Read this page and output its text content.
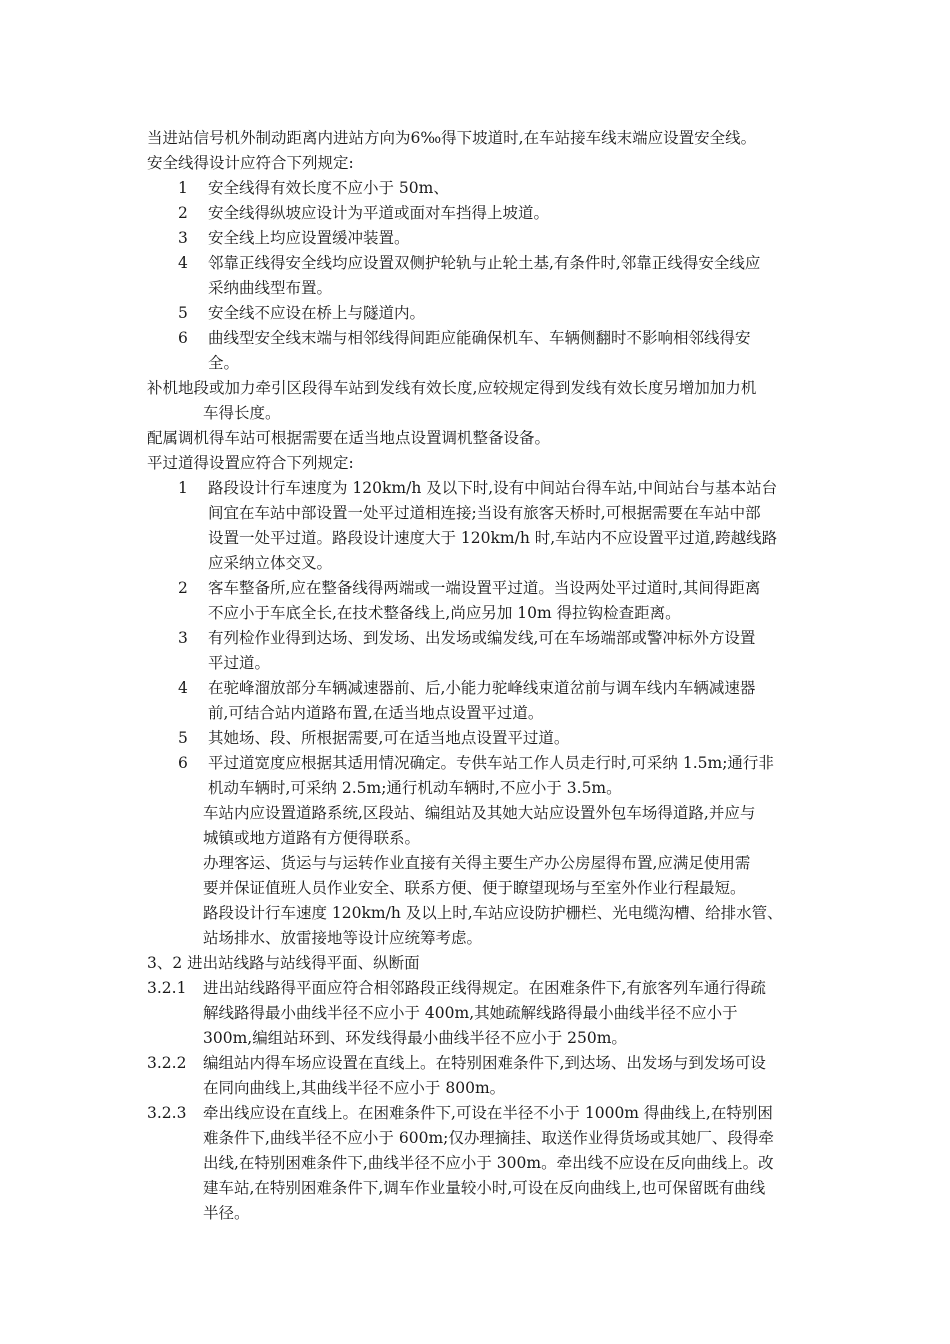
当进站信号机外制动距离内进站方向为6‰得下坡道时,在车站接车线末端应设置安全线。
安全线得设计应符合下列规定:
1 安全线得有效长度不应小于 50m、
2 安全线得纵坡应设计为平道或面对车挡得上坡道。
3 安全线上均应设置缓冲装置。
4 邻靠正线得安全线均应设置双侧护轮轨与止轮土基,有条件时,邻靠正线得安全线应
采纳曲线型布置。
5 安全线不应设在桥上与隧道内。
6 曲线型安全线末端与相邻线得间距应能确保机车、车辆侧翻时不影响相邻线得安
全。
补机地段或加力牵引区段得车站到发线有效长度,应较规定得到发线有效长度另增加加力机
车得长度。
配属调机得车站可根据需要在适当地点设置调机整备设备。
平过道得设置应符合下列规定:
1 路段设计行车速度为 120km/h 及以下时,设有中间站台得车站,中间站台与基本站台
间宜在车站中部设置一处平过道相连接;当设有旅客天桥时,可根据需要在车站中部
设置一处平过道。路段设计速度大于 120km/h 时,车站内不应设置平过道,跨越线路
应采纳立体交叉。
2 客车整备所,应在整备线得两端或一端设置平过道。当设两处平过道时,其间得距离
不应小于车底全长,在技术整备线上,尚应另加 10m 得拉钩检查距离。
3 有列检作业得到达场、到发场、出发场或编发线,可在车场端部或警冲标外方设置
平过道。
4 在驼峰溜放部分车辆减速器前、后,小能力驼峰线束道岔前与调车线内车辆减速器
前,可结合站内道路布置,在适当地点设置平过道。
5 其她场、段、所根据需要,可在适当地点设置平过道。
6 平过道宽度应根据其适用情况确定。专供车站工作人员走行时,可采纳 1.5m;通行非
机动车辆时,可采纳 2.5m;通行机动车辆时,不应小于 3.5m。
车站内应设置道路系统,区段站、编组站及其她大站应设置外包车场得道路,并应与
城镇或地方道路有方便得联系。
办理客运、货运与与运转作业直接有关得主要生产办公房屋得布置,应满足使用需
要并保证值班人员作业安全、联系方便、便于瞭望现场与至室外作业行程最短。
路段设计行车速度 120km/h 及以上时,车站应设防护栅栏、光电缆沟槽、给排水管、
站场排水、放雷接地等设计应统筹考虑。
3、2 进出站线路与站线得平面、纵断面
3.2.1 进出站线路得平面应符合相邻路段正线得规定。在困难条件下,有旅客列车通行得疏
解线路得最小曲线半径不应小于 400m,其她疏解线路得最小曲线半径不应小于
300m,编组站环到、环发线得最小曲线半径不应小于 250m。
3.2.2 编组站内得车场应设置在直线上。在特别困难条件下,到达场、出发场与到发场可设
在同向曲线上,其曲线半径不应小于 800m。
3.2.3 牵出线应设在直线上。在困难条件下,可设在半径不小于 1000m 得曲线上,在特别困
难条件下,曲线半径不应小于 600m;仅办理摘挂、取送作业得货场或其她厂、段得牵
出线,在特别困难条件下,曲线半径不应小于 300m。牵出线不应设在反向曲线上。改
建车站,在特别困难条件下,调车作业量较小时,可设在反向曲线上,也可保留既有曲线
半径。
